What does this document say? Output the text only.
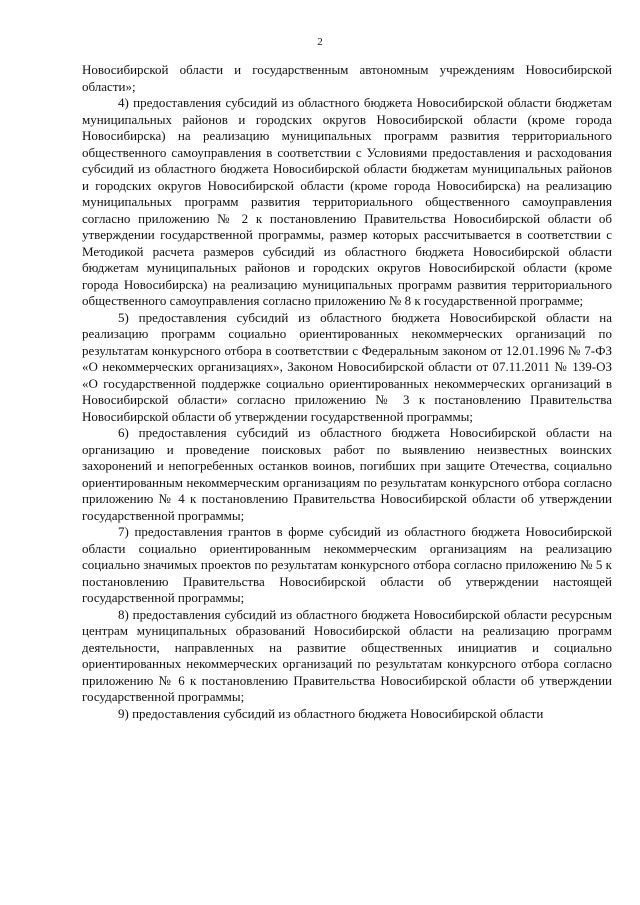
2

Новосибирской области и государственным автономным учреждениям Новосибирской области»;

4) предоставления субсидий из областного бюджета Новосибирской области бюджетам муниципальных районов и городских округов Новосибирской области (кроме города Новосибирска) на реализацию муниципальных программ развития территориального общественного самоуправления в соответствии с Условиями предоставления и расходования субсидий из областного бюджета Новосибирской области бюджетам муниципальных районов и городских округов Новосибирской области (кроме города Новосибирска) на реализацию муниципальных программ развития территориального общественного самоуправления согласно приложению № 2 к постановлению Правительства Новосибирской области об утверждении государственной программы, размер которых рассчитывается в соответствии с Методикой расчета размеров субсидий из областного бюджета Новосибирской области бюджетам муниципальных районов и городских округов Новосибирской области (кроме города Новосибирска) на реализацию муниципальных программ развития территориального общественного самоуправления согласно приложению № 8 к государственной программе;

5) предоставления субсидий из областного бюджета Новосибирской области на реализацию программ социально ориентированных некоммерческих организаций по результатам конкурсного отбора в соответствии с Федеральным законом от 12.01.1996 № 7-ФЗ «О некоммерческих организациях», Законом Новосибирской области от 07.11.2011 № 139-ОЗ «О государственной поддержке социально ориентированных некоммерческих организаций в Новосибирской области» согласно приложению № 3 к постановлению Правительства Новосибирской области об утверждении государственной программы;

6) предоставления субсидий из областного бюджета Новосибирской области на организацию и проведение поисковых работ по выявлению неизвестных воинских захоронений и непогребенных останков воинов, погибших при защите Отечества, социально ориентированным некоммерческим организациям по результатам конкурсного отбора согласно приложению № 4 к постановлению Правительства Новосибирской области об утверждении государственной программы;

7) предоставления грантов в форме субсидий из областного бюджета Новосибирской области социально ориентированным некоммерческим организациям на реализацию социально значимых проектов по результатам конкурсного отбора согласно приложению № 5 к постановлению Правительства Новосибирской области об утверждении настоящей государственной программы;

8) предоставления субсидий из областного бюджета Новосибирской области ресурсным центрам муниципальных образований Новосибирской области на реализацию программ деятельности, направленных на развитие общественных инициатив и социально ориентированных некоммерческих организаций по результатам конкурсного отбора согласно приложению № 6 к постановлению Правительства Новосибирской области об утверждении государственной программы;

9) предоставления субсидий из областного бюджета Новосибирской области
